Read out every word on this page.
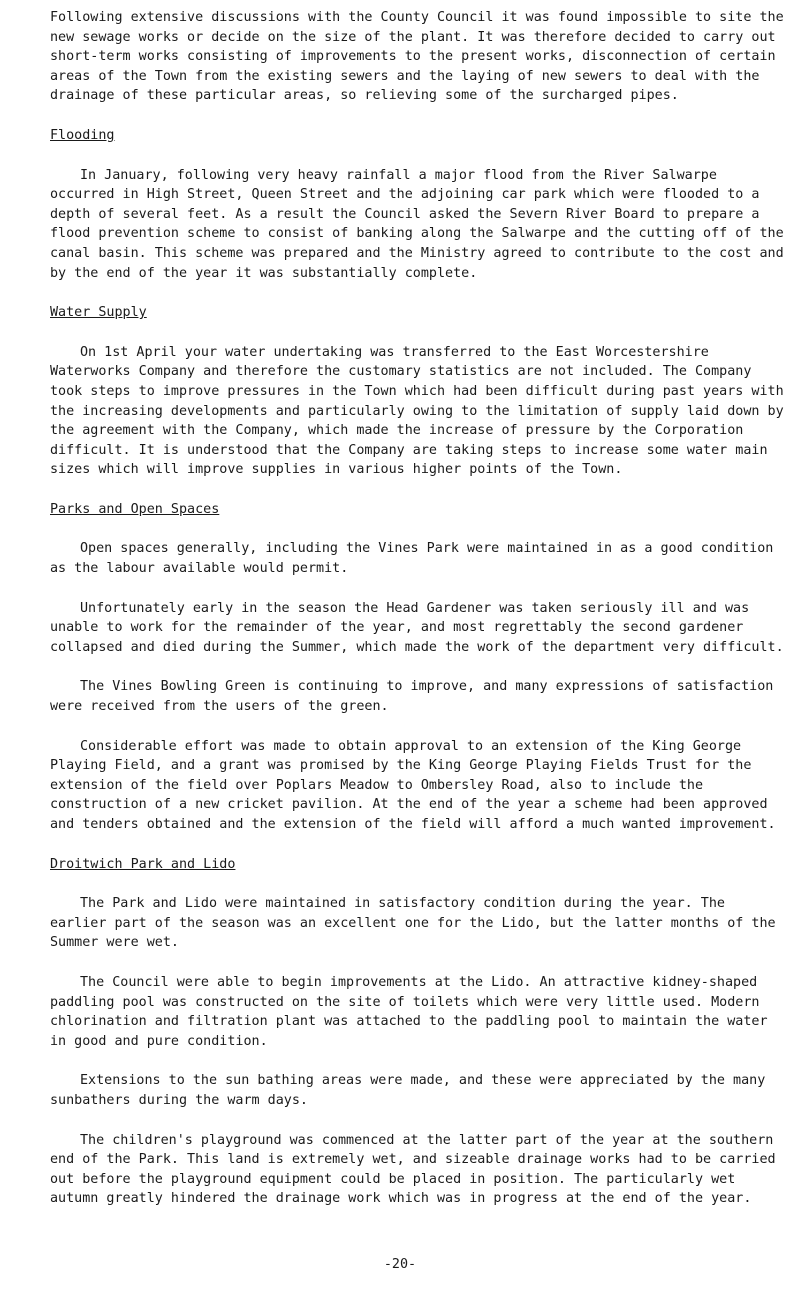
Following extensive discussions with the County Council it was found impossible to site the new sewage works or decide on the size of the plant. It was therefore decided to carry out short-term works consisting of improvements to the present works, disconnection of certain areas of the Town from the existing sewers and the laying of new sewers to deal with the drainage of these particular areas, so relieving some of the surcharged pipes.

Flooding

In January, following very heavy rainfall a major flood from the River Salwarpe occurred in High Street, Queen Street and the adjoining car park which were flooded to a depth of several feet. As a result the Council asked the Severn River Board to prepare a flood prevention scheme to consist of banking along the Salwarpe and the cutting off of the canal basin. This scheme was prepared and the Ministry agreed to contribute to the cost and by the end of the year it was substantially complete.

Water Supply

On 1st April your water undertaking was transferred to the East Worcestershire Waterworks Company and therefore the customary statistics are not included. The Company took steps to improve pressures in the Town which had been difficult during past years with the increasing developments and particularly owing to the limitation of supply laid down by the agreement with the Company, which made the increase of pressure by the Corporation difficult. It is understood that the Company are taking steps to increase some water main sizes which will improve supplies in various higher points of the Town.

Parks and Open Spaces

Open spaces generally, including the Vines Park were maintained in as a good condition as the labour available would permit.

Unfortunately early in the season the Head Gardener was taken seriously ill and was unable to work for the remainder of the year, and most regrettably the second gardener collapsed and died during the Summer, which made the work of the department very difficult.

The Vines Bowling Green is continuing to improve, and many expressions of satisfaction were received from the users of the green.

Considerable effort was made to obtain approval to an extension of the King George Playing Field, and a grant was promised by the King George Playing Fields Trust for the extension of the field over Poplars Meadow to Ombersley Road, also to include the construction of a new cricket pavilion. At the end of the year a scheme had been approved and tenders obtained and the extension of the field will afford a much wanted improvement.

Droitwich Park and Lido

The Park and Lido were maintained in satisfactory condition during the year. The earlier part of the season was an excellent one for the Lido, but the latter months of the Summer were wet.

The Council were able to begin improvements at the Lido. An attractive kidney-shaped paddling pool was constructed on the site of toilets which were very little used. Modern chlorination and filtration plant was attached to the paddling pool to maintain the water in good and pure condition.

Extensions to the sun bathing areas were made, and these were appreciated by the many sunbathers during the warm days.

The children's playground was commenced at the latter part of the year at the southern end of the Park. This land is extremely wet, and sizeable drainage works had to be carried out before the playground equipment could be placed in position. The particularly wet autumn greatly hindered the drainage work which was in progress at the end of the year.

-20-
